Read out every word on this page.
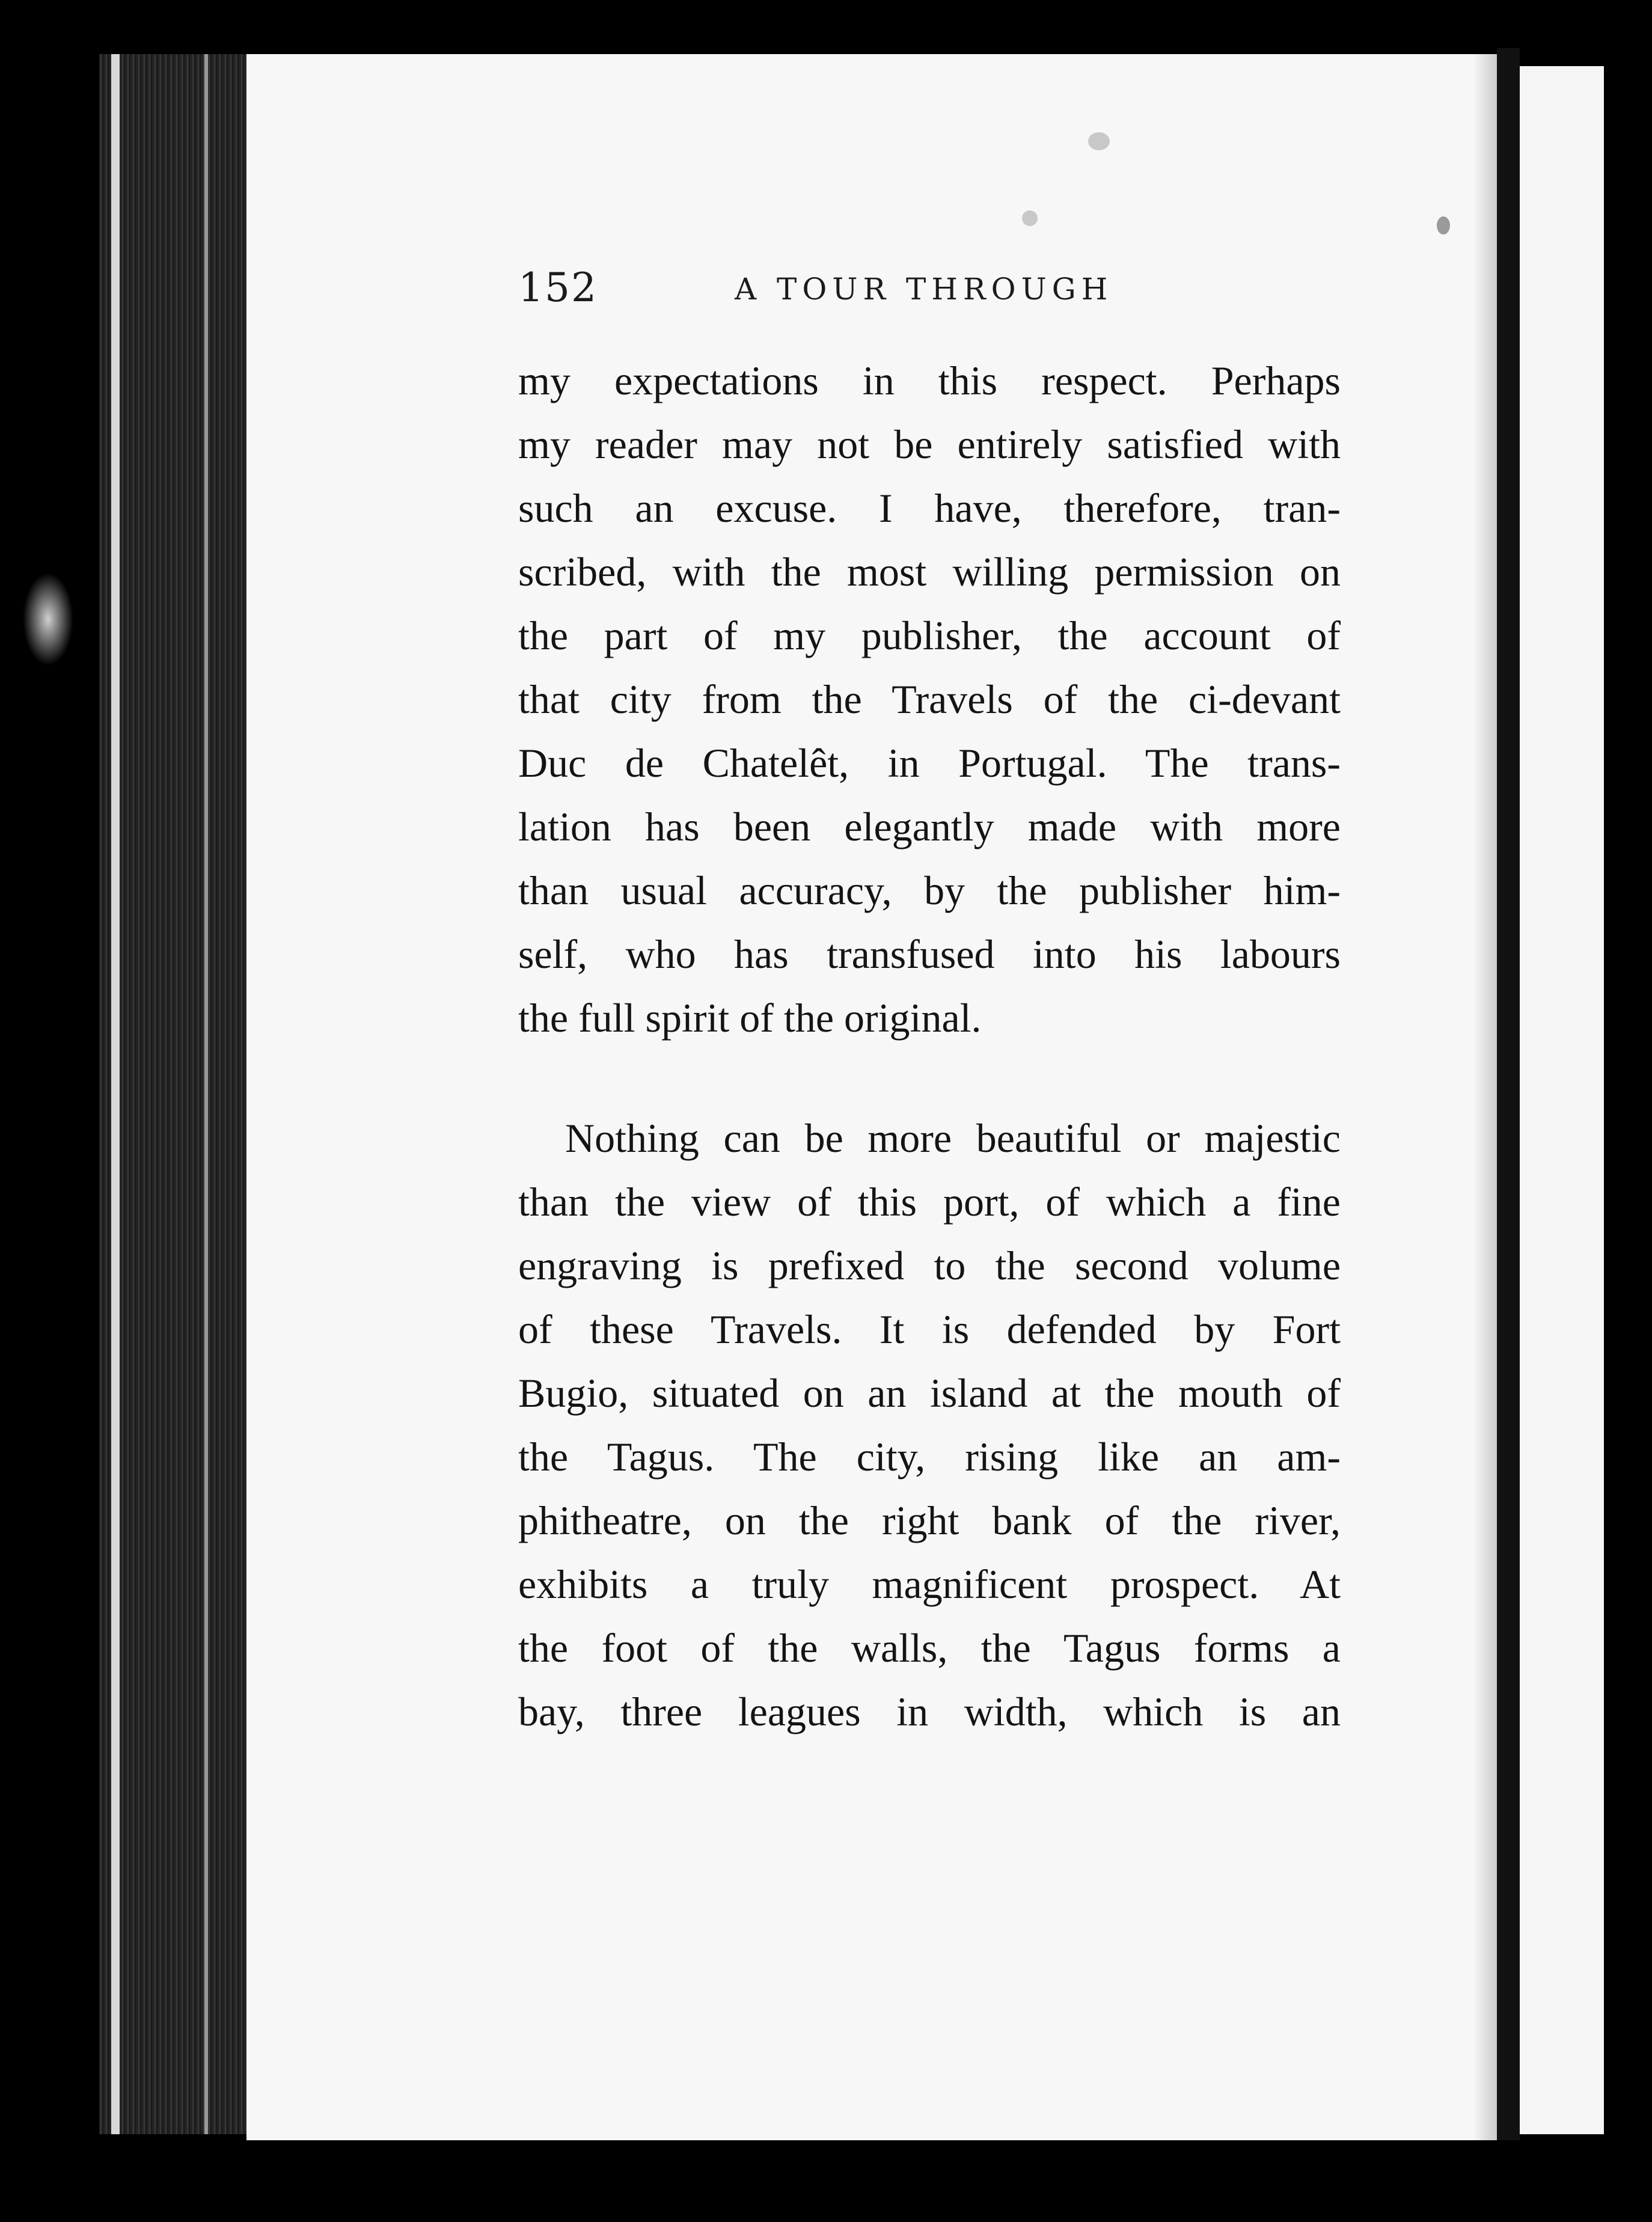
152	A TOUR THROUGH

my expectations in this respect. Perhaps
my reader may not be entirely satisfied with
such an excuse. I have, therefore, tran-
scribed, with the most willing permission on
the part of my publisher, the account of
that city from the Travels of the ci-devant
Duc de Chatelêt, in Portugal. The trans-
lation has been elegantly made with more
than usual accuracy, by the publisher him-
self, who has transfused into his labours
the full spirit of the original.

Nothing can be more beautiful or majestic
than the view of this port, of which a fine
engraving is prefixed to the second volume
of these Travels. It is defended by Fort
Bugio, situated on an island at the mouth of
the Tagus. The city, rising like an am-
phitheatre, on the right bank of the river,
exhibits a truly magnificent prospect. At
the foot of the walls, the Tagus forms a
bay, three leagues in width, which is an
